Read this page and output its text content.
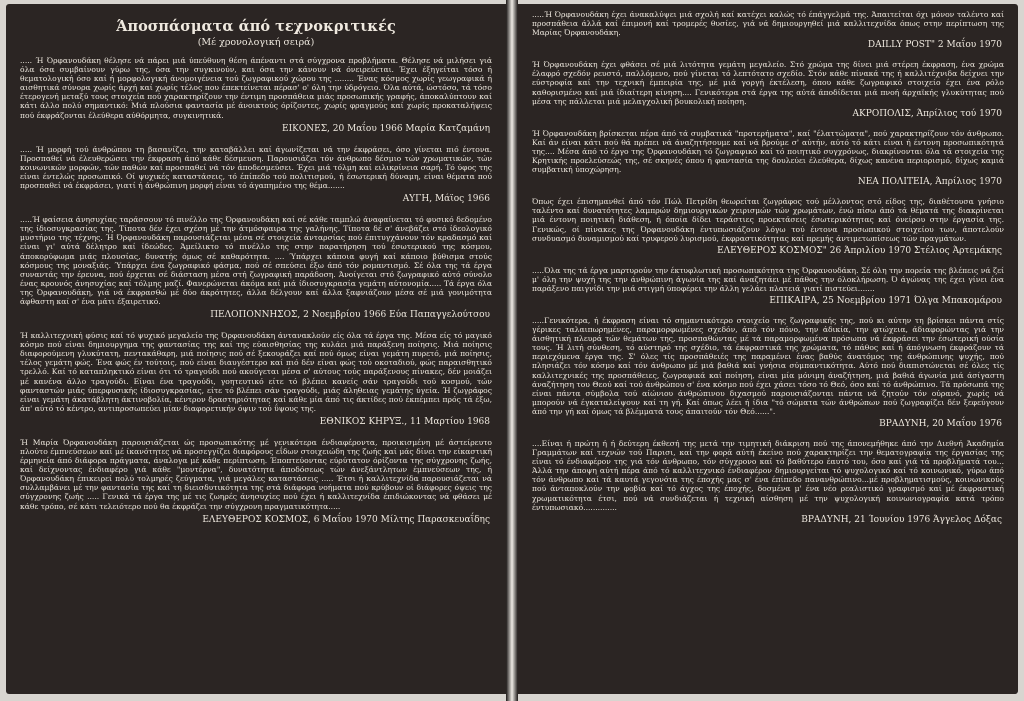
Άποσπάσματα άπό τεχνοκριτικές
(Μέ χρονολογική σειρά)

..... Ή Όρφανουδάκη θέλησε νά πάρει μιά ύπεύθυνη θέση άπέναντι στά σύγχρονα προβλήματα. Θέλησε νά μιλήσει γιά όλα όσα συμβαίνουν γύρω της, όσα την συγκινούν, και όσα την κάνουν νά όνειρεύεται. Έχει έξηγείται τόσο ή θεματολογική όσο καί ή μορφολογική άνομοιγένεια τού ζωγραφικού χώρου της ........ Ένας κόσμος χωρίς γεωγραφικά ή αισθητικά σύνορα χωρίς άρχή καί χωρίς τέλος που έπεκτείνεται πέρασ' ο' όλη την ύδρόγειο. Όλα αύτά, ώστόσο, τά τόσο έτερογενή μεταξύ τους στοιχεία πού χαρακτηρίζουν την έντιμη προσπάθεια μιάς προσωπικής γραφής, άποκαλύπτουν καί κάτι άλλο πολύ σημαντικό: Μιά πλούσια φαντασία μέ άνοικτούς όρίζοντες, χωρίς φραγμούς καί χωρίς προκαταλήψεις πού έκφράζονται έλεύθερα αύθόρμητα, συγκινητικά.

ΕΙΚΟΝΕΣ, 20 Μαΐου 1966 Μαρία Κατζαμάνη

..... Ή μορφή τού άνθρώπου τη βασανίζει, την καταβάλλει καί άγωνίζεται νά την έκφράσει, όσο γίνεται πιό έντονα. Προσπαθεί νά έλευθερώσει την έκφραση άπό κάθε δέσμευση. Παρουσιάζει τόν άνθρωπο δέσμιο τών χρωματικών, τών κοινωνικών μορφών, τών παθών καί προσπαθεί νά τόν άποδεσμεύσει. Έχει μιά τόλμη καί ειλικρίνεια σαρή. Τό ύφος της είναι έντελώς προσωπικό. Οί ψυχικές καταστάσεις, τό έπίπεδο τού πολιτισμού, ή έσωτερική δύναμη, είναι θέματα πού προσπαθεί νά έκφράσει, γιατί ή άνθρώπινη μορφή είναι τό άγαπημένο της θέμα.......

ΑΥΓΗ, Μάϊος 1966

.....Ή φαίσεια άνησυχίας ταράσσουν τό πινέλλο της Όρφανουδάκη καί σέ κάθε ταμπλώ άναφαίνεται τό φυσικό δεδομένο της ίδιοσυγκρασίας της. Τίποτα δέν έχει σχέση μέ την άτμόσφαιρα της γαλήνης. Τίποτα δέ σ' άνεβάζει στό ίδεολογικό μυστήριο της τέχνης. Ή Όρφανουδάκη παρουσιάζεται μέσα σέ στοιχεία άνταρσίας πού έπιτυγχάνουν τόν κραδασμό καί είναι γι' αύτά δέλητρο καί ίδεώδες. Άμείλικτο τό πινέλλο της στην παρατήρηση τού έσωτερικού της κόσμου, άποκορύφωμα μιάς πλουσίας, δυνατής όμως σέ καθαρότητα. .... Ύπάρχει κάποια φυγή καί κάποιο βύθισμα στούς κόσμους της μοναξιάς. Ύπάρχει ένα ζωγραφικό φάσμα, πού σέ σπεύσει έξω άπό τόν ρομαντισμό. Σέ όλα της τά έργα συναντάς την έρευνα, πού έρχεται σέ διάσταση μέσα στή ζωγραφική παράδοση. Άνοίγεται στό ζωγραφικό αύτό σύνολο ένας κρουνός άνησυχίας καί τόλμης μαζί. Φανερώνεται άκόμα καί μιά ίδιοσυγκρασία γεμάτη αύτονομία..... Τά έργα όλα της Όρφανουδάκη, γιά νά έκφρασθώ μέ δύο άκρότητες, άλλα δέλγουν καί άλλα ξαφνιάζουν μέσα σέ μιά γονιμότητα άφθαστη καί σ' ένα μάτι έξαιρετικό.

ΠΕΛΟΠΟΝΝΗΣΟΣ, 2 Νοεμβρίου 1966 Εύα Παπαγγελούτσου

Ή καλλιτεχνική φύσις καί τό ψυχικό μεγαλείο της Όρφανουδάκη άντανακλούν είς όλα τά έργα της. Μέσα είς τό μαγικό κόσμο πού είναι δημιουργημα της φαντασίας της καί της εύαισθησίας της κυλάει μιά παράξενη ποίησις. Μιά ποίησις διαφορούμενη γλυκύτατη, πεντακάθαρη, μιά ποίησις πού σέ ξεκουράζει καί πού όμως είναι γεμάτη πυρετό, μιά ποίησις, τέλος γεμάτη φώς. Ένα φώς έν τούτοις, πού είναι διαυγέστερο καί πιό δέν είναι φώς τού οκοταδιού, φώς παραισθητικό τρελλό. Καί τό καταπληκτικό είναι ότι τό τραγούδι πού ακούγεται μέσα σ' αύτους τούς παράξενους πίνακες, δέν μοιάζει μέ κανένα άλλο τραγούδι. Είναι ένα τραγούδι, γοητευτικό είτε τό βλέπει κανείς σάν τραγούδι τού κοσμού, τών φανταστών μιάς ύπερφυσικής ίδιοσυγκρασίας, είτε τό βλέπει σάν τραγούδι, μιάς άληθειας γεμάτης ύγεία. Ή ζωγράφος είναι γεμάτη άκατάβλητη άκτινοβολία, κέντρον δραστηριότητας καί κάθε μία άπό τις άκτίδες πού έκπέμπει πρός τά έξω, άπ' αύτό τό κέντρο, αντιπροσωπεύει μίαν διαφορετικήν όψιν τού ΰψους της.

ΕΘΝΙΚΟΣ ΚΗΡΥΞ., 11 Μαρτίου 1968

Ή Μαρία Όρφανουδάκη παρουσιάζεται ώς προσωπικότης μέ γενικότερα ένδιαφέροντα, προικισμένη μέ άστείρευτο πλούτο έμπνεύσεων καί μέ ίκανότητες νά προσεγγίζει διαφόρους εΐδων στοιχειώδη της ζωής καί μάς δίνει την είκαστική έρμηνεία άπό διάφορα πράγματα, άναλογα μέ κάθε περίπτωση. Έποπτεύοντας εύρύτατον όρίζοντα της σύγχρονης ζωής, καί δείχνοντας ένδιαφέρο γιά κάθε "μοντέρνα", δυνατότητα άποδόσεως τών άνεξάντλητων έμπνεύσεων της, ή Όρφανουδάκη έπικειρεί πολύ τολμηρές ζεύγματα, γιά μεγάλες καταστάσεις ..... Έτσι ή καλλιτεχνίδα παρουσιάζεται νά συλλαμβάνει μέ την φαντασία της καί τη διεισδυτικότητα της στά διάφορα νοήματα πού κρύβουν οί διάφορες όψεις της σύγχρονης ζωής ..... Γενικά τά έργα της μέ τις ζωηρές άνησυχίες πού έχει ή καλλιτεχνίδα έπιδιώκοντας νά φθάσει μέ κάθε τρόπο, σέ κάτι τελειότερο πού θα έκφράζει την σύγχρονη πραγματικότητα.....

ΕΛΕΥΘΕΡΟΣ ΚΟΣΜΟΣ, 6 Μαΐου 1970 Μίλτης Παρασκευαΐδης

.....Ή Όρφανουδάκη έχει άνακαλύψει μιά σχολή καί κατέχει καλώς τό έπάγγελμά της. Άπαιτείται όχι μόνον ταλέντο καί προσπάθεια άλλά καί έπιμονή καί τρομερές θυσίες, γιά νά δημιουργηθεί μιά καλλιτεχνίδα όπως στην περίπτωση της Μαρίας Όρφανουδάκη.

DAILLY POST" 2 Μαΐου 1970

Ή Όρφανουδάκη έχει φθάσει σέ μιά λιτότητα γεμάτη μεγαλείο. Στό χρώμα της δίνει μιά στέρεη έκφραση, ένα χρώμα έλαφρό σχεδόν ρευστό, παλλόμενο, πού γίνεται τό λεπτότατο σχεδίο. Στόν κάθε πίνακά της ή καλλιτέχνιδα δείχνει την εύστροφία καί την τεχνική έμπειρία της, μέ μιά γοργή έκτέλεση, όπου κάθε ζωγραφικό στοιχείο έχει ένα ρόλο καθορισμένο καί μιά ίδιαίτερη κίνηση.... Γενικότερα στά έργα της αύτά άποδίδεται μιά πνοή άρχαϊκής γλυκύτητας πού μέσα της πάλλεται μιά μελαγχολική βουκολική ποίηση.

ΑΚΡΟΠΟΛΙΣ, Άπρίλιος τού 1970

Ή Όρφανουδάκη βρίσκεται πέρα άπό τά συμβατικά "προτερήματα", καί "έλαττώματα", πού χαρακτηρίζουν τόν άνθρωπο. Καί άν είναι κάτι πού θά πρέπει νά άναζητήσουμε καί νά βρούμε σ' αύτήν, αύτό τό κάτι είναι ή έντονη προσωπικότητά της.... Μέσα άπό τό έργο της Όρφανουδάκη τό ζωγραφικό καί τό ποιητικό συγχρόνως, διακρίνονται όλα τά στοιχεία της Κρητικής προελεύσεώς της, σέ σκηνές όπου ή φαντασία της δουλεύει έλεύθερα, δίχως κανένα περιορισμό, δίχως καμιά συμβατική ύποχώρηση.

ΝΕΑ ΠΟΛΙΤΕΙΑ, Άπρίλιος 1970

Όπως έχει έπισημανθεί άπό τόν Πώλ Πετρίδη θεωρείται ζωγράφος τού μέλλοντος στό είδος της, διαθέτουσα γνήσιο ταλέντο καί δυνατότητες λαμπρών δημιουργικών χειρισμών τών χρωμάτων, ένώ πίσω άπό τά θέματά της διακρίνεται μιά έντονη ποιητική διάθεση, ή όποία δίδει τεράστιες προεκτάσεις έσωτερικότητας καί όνείρου στην έργασία της. Γενικώς, οί πίνακες της Όρφανουδάκη έντυπωσιάζουν λόγω τού έντονα προσωπικού στοιχείου των, άποτελούν συνδυασμό δυναμισμού καί τρυφερού λυρισμού, έκφραστικότητας καί πρεμής άντιμετωπίσεως τών πραγμάτων.

ΕΛΕΥΘΕΡΟΣ ΚΟΣΜΟΣ" 26 Άπριλίου 1970 Στέλιος Άρτεμάκης

.....Όλα της τά έργα μαρτυρούν την έκτυφλωτική προσωπικότητα της Όρφανουδάκη. Σέ όλη την πορεία της βλέπεις νά ζεί μ' όλη την ψυχή της την άνθρώπινη άγωνία της καί άναζητάει μέ πάθος την όλοκλήρωση. Ό άγώνας της έχει γίνει ένα παράξενο παιγνίδι την μιά στιγμή ύποφέρει την άλλη γελάει πλατειά γιατί πιστεύει.......

ΕΠΙΚΑΙΡΑ, 25 Νοεμβρίου 1971 Όλγα Μπακομάρου

.....Γενικότερα, ή έκφραση είναι τό σημαντικότερο στοιχείο της ζωγραφικής της, πού κι αύτην τη βρίσκει πάντα στίς γέρικες ταλαιπωρημένες, παραμορφωμένες σχεδόν, άπό τόν πόνο, την άδικία, την φτώχεια, άδιαφορώντας γιά την άισθητική πλευρά τών θεμάτων της, προσπαθώντας μέ τά παραμορφωμένα πρόσωπα νά έκφράσει την έσωτερική ούσία τους. Ή λιτή σύνθεση, τό αύστηρό της σχέδιο, τά έκφραστικά της χρώματα, τό πάθος καί ή άπόγνωση έκφράζουν τά περιεχόμενα έργα της. Σ' όλες τίς προσπάθειές της παραμένει ένας βαθύς άνατόμος της άνθρώπινης ψυχής, πού πλησιάζει τόν κόσμο καί τόν άνθρωπο μέ μιά βαθιά καί γνήσια σύμπαντικότητα. Αύτό πού διαπιστώνεται σέ όλες τίς καλλιτεχνικές της προσπάθειες, ζωγραφικά καί ποίηση, είναι μία μόνιμη άναζήτηση, μιά βαθιά άγωνία μιά άσίγαστη άναζήτηση του Θεού καί τού άνθρώπου σ' ένα κόσμο πού έχει χάσει τόσο τό Θεό, όσο καί τό άνθρώπινο. Τά πρόσωπά της είναι πάντα σύμβολα τού αίώνιου άνθρώπινου διχασμού παρουσιάζονται πάντα νά ζητούν τόν ούρανό, χωρίς νά μπορούν νά έγκαταλείψουν καί τη γή. Καί όπως λέει ή ίδια "τό σώματα τών άνθρώπων πού ζωγραφίζει δέν ξεφεύγουν άπό την γή καί όμως τά βλέμματά τους άπαιτούν τόν Θεό......".

ΒΡΑΔΥΝΗ, 20 Μαΐου 1976

....Είναι ή πρώτη ή ή δεύτερη έκθεσή της μετά την τιμητική διάκριση πού της άπονεμήθηκε άπό την Διεθνή Άκαδημία Γραμμάτων καί τεχνών τού Παρισι, καί την φορά αύτή έκείνο πού χαρακτηρίζει την θεματογραφία της έργασίας της είναι τό ένδιαφέρον της γιά τόν άνθρωπο, τόν σύγχρονο καί τό βαθύτερο έαυτό του, όσο καί γιά τά προβλήματά του... Άλλά την άποψη αύτή πέρα άπό τό καλλιτεχνικό ένδιαφέρον δημιουργείται τό ψυχολογικό καί τό κοινωνικό, γύρω άπό τόν άνθρωπο καί τά καυτά γεγονότα της έποχής μας σ' ένα έπίπεδο πανανθρώπινο...μέ προβληματισμούς, κοινωνικούς πού άνταποκλούν την φοβία καί τό άγχος της έποχής, δοσμένα μ' ένα νέο ρεαλιστικό γραφισμό καί μέ έκφραστική χρωματικότητα έτσι, πού νά συνδιάζεται ή τεχνική αίσθηση μέ την ψυχολογική κοινωνιογραφία κατά τρόπο έντυπωσιακό..............

ΒΡΑΔΥΝΗ, 21 Ίουνίου 1976 Άγγελος Δόξας
